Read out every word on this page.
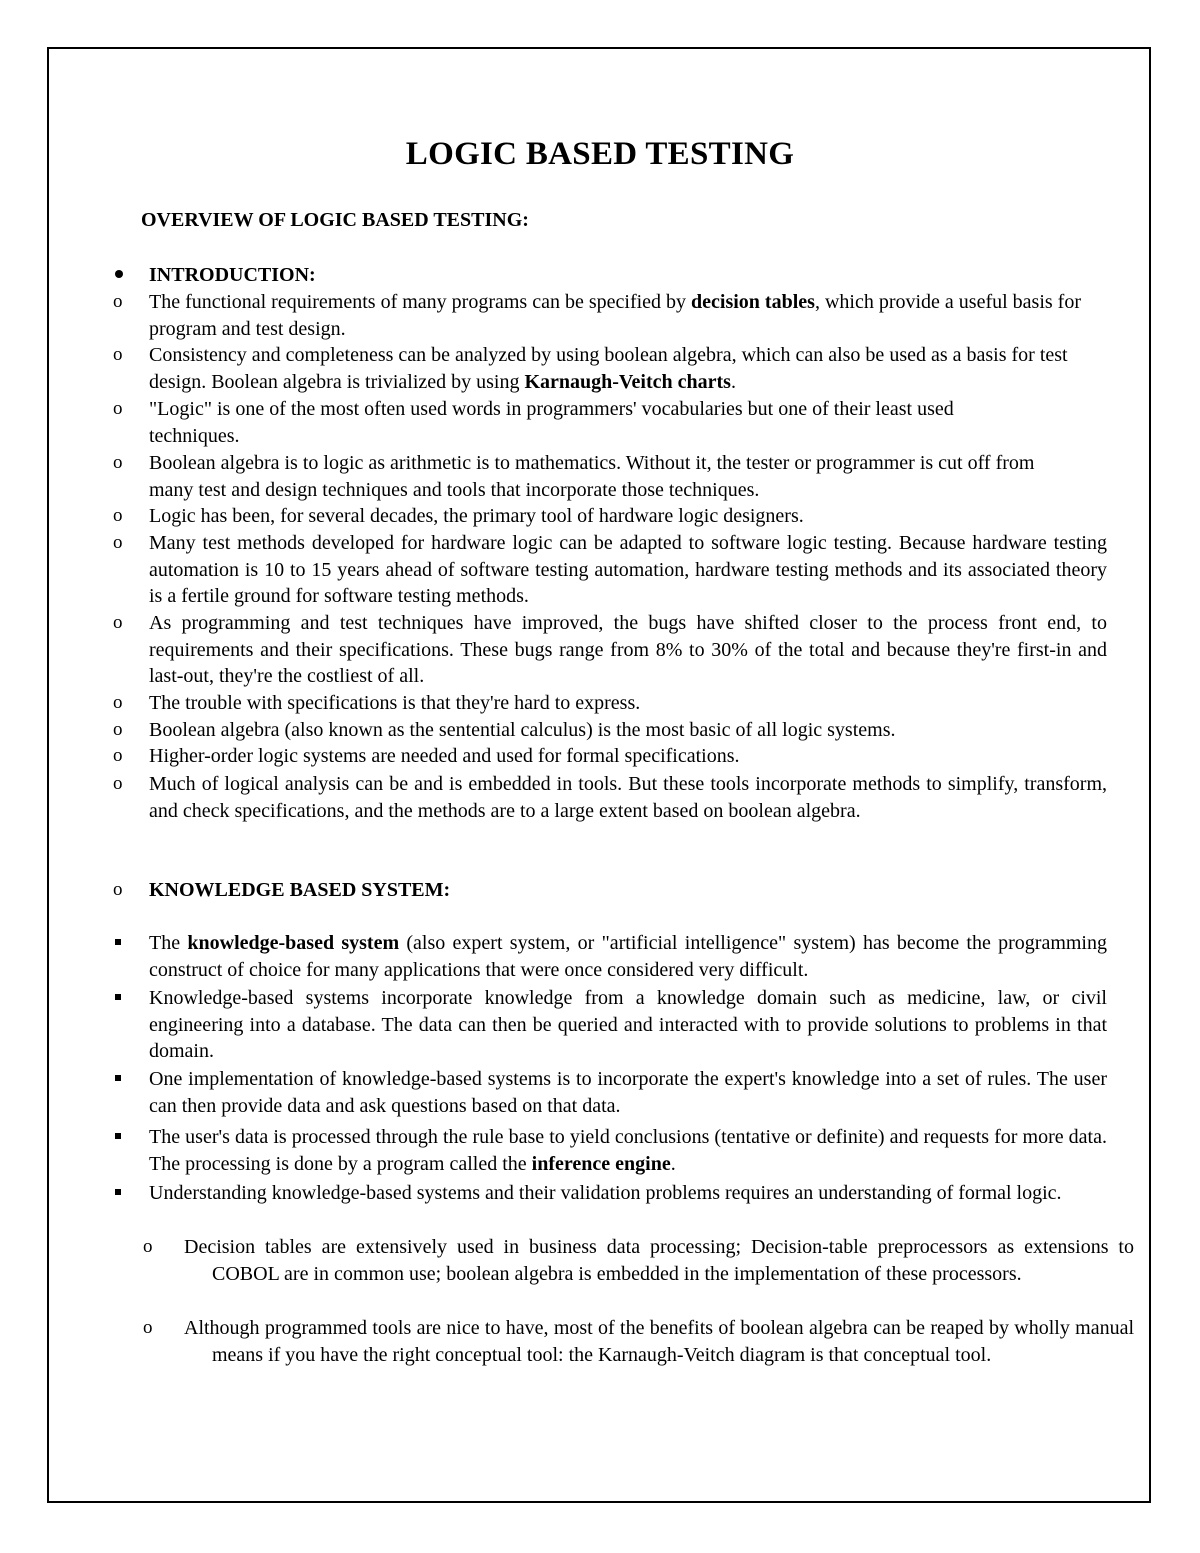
LOGIC BASED TESTING
OVERVIEW OF LOGIC BASED TESTING:
INTRODUCTION:
o The functional requirements of many programs can be specified by decision tables, which provide a useful basis for program and test design.
o Consistency and completeness can be analyzed by using boolean algebra, which can also be used as a basis for test design. Boolean algebra is trivialized by using Karnaugh-Veitch charts.
o "Logic" is one of the most often used words in programmers' vocabularies but one of their least used techniques.
o Boolean algebra is to logic as arithmetic is to mathematics. Without it, the tester or programmer is cut off from many test and design techniques and tools that incorporate those techniques.
o Logic has been, for several decades, the primary tool of hardware logic designers.
o Many test methods developed for hardware logic can be adapted to software logic testing. Because hardware testing automation is 10 to 15 years ahead of software testing automation, hardware testing methods and its associated theory is a fertile ground for software testing methods.
o As programming and test techniques have improved, the bugs have shifted closer to the process front end, to requirements and their specifications. These bugs range from 8% to 30% of the total and because they're first-in and last-out, they're the costliest of all.
o The trouble with specifications is that they're hard to express.
o Boolean algebra (also known as the sentential calculus) is the most basic of all logic systems.
o Higher-order logic systems are needed and used for formal specifications.
o Much of logical analysis can be and is embedded in tools. But these tools incorporate methods to simplify, transform, and check specifications, and the methods are to a large extent based on boolean algebra.
o KNOWLEDGE BASED SYSTEM:
The knowledge-based system (also expert system, or "artificial intelligence" system) has become the programming construct of choice for many applications that were once considered very difficult.
Knowledge-based systems incorporate knowledge from a knowledge domain such as medicine, law, or civil engineering into a database. The data can then be queried and interacted with to provide solutions to problems in that domain.
One implementation of knowledge-based systems is to incorporate the expert's knowledge into a set of rules. The user can then provide data and ask questions based on that data.
The user's data is processed through the rule base to yield conclusions (tentative or definite) and requests for more data. The processing is done by a program called the inference engine.
Understanding knowledge-based systems and their validation problems requires an understanding of formal logic.
o Decision tables are extensively used in business data processing; Decision-table preprocessors as extensions to COBOL are in common use; boolean algebra is embedded in the implementation of these processors.
o Although programmed tools are nice to have, most of the benefits of boolean algebra can be reaped by wholly manual means if you have the right conceptual tool: the Karnaugh-Veitch diagram is that conceptual tool.
